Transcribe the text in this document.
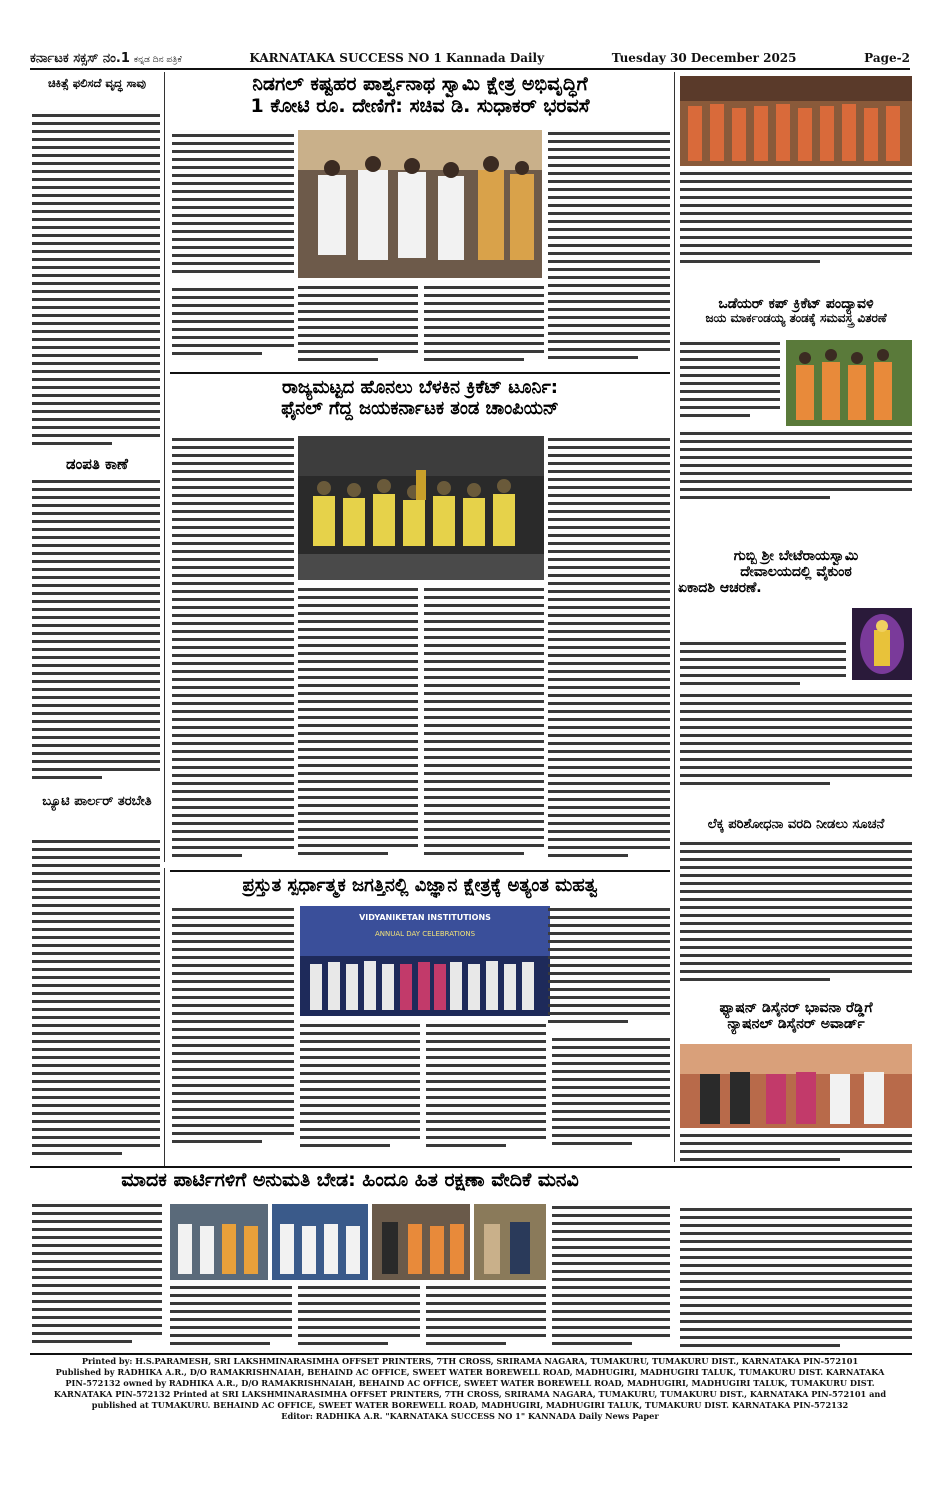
ಕರ್ನಾಟಕ ಸಕ್ಸಸ್ ನಂ.1 ಕನ್ನಡ ದಿನ ಪತ್ರಿಕೆ	KARNATAKA SUCCESS NO 1 Kannada Daily	Tuesday 30 December 2025	Page-2
ಚಿಕಿತ್ಸೆ ಫಲಿಸದೆ ವೃದ್ಧ ಸಾವು
ಡಂಪತಿ ಕಾಣೆ
ಬ್ಯೂಟಿ ಪಾರ್ಲರ್ ತರಬೇತಿ
ನಿಡಗಲ್ ಕಷ್ಟಹರ ಪಾರ್ಶ್ವನಾಥ ಸ್ವಾಮಿ ಕ್ಷೇತ್ರ ಅಭಿವೃದ್ಧಿಗೆ
1 ಕೋಟಿ ರೂ. ದೇಣಿಗೆ: ಸಚಿವ ಡಿ. ಸುಧಾಕರ್ ಭರವಸೆ
ರಾಜ್ಯಮಟ್ಟದ ಹೊನಲು ಬೆಳಕಿನ ಕ್ರಿಕೆಟ್ ಟೂರ್ನಿ:
ಫೈನಲ್ ಗೆದ್ದ ಜಯಕರ್ನಾಟಕ ತಂಡ ಚಾಂಪಿಯನ್
ಪ್ರಸ್ತುತ ಸ್ಪರ್ಧಾತ್ಮಕ ಜಗತ್ತಿನಲ್ಲಿ ವಿಜ್ಞಾನ ಕ್ಷೇತ್ರಕ್ಕೆ ಅತ್ಯಂತ ಮಹತ್ವ
VIDYANIKETAN INSTITUTIONS
ANNUAL DAY CELEBRATIONS
ಒಡೆಯರ್ ಕಪ್ ಕ್ರಿಕೆಟ್ ಪಂದ್ಯಾವಳಿ
ಜಯ ಮಾರ್ಕಂಡಯ್ಯ ತಂಡಕ್ಕೆ ಸಮವಸ್ತ್ರ ವಿತರಣೆ
ಗುಬ್ಬಿ ಶ್ರೀ ಬೇಟೆರಾಯಸ್ವಾಮಿ
ದೇವಾಲಯದಲ್ಲಿ ವೈಕುಂಠ
ಏಕಾದಶಿ ಆಚರಣೆ.
ಲೆಕ್ಕ ಪರಿಶೋಧನಾ ವರದಿ ನೀಡಲು ಸೂಚನೆ
ಫ್ಯಾಷನ್ ಡಿಸೈನರ್ ಭಾವನಾ ರೆಡ್ಡಿಗೆ
ನ್ಯಾಷನಲ್ ಡಿಸೈನರ್ ಅವಾರ್ಡ್
ಮಾದಕ ಪಾರ್ಟಿಗಳಿಗೆ ಅನುಮತಿ ಬೇಡ: ಹಿಂದೂ ಹಿತ ರಕ್ಷಣಾ ವೇದಿಕೆ ಮನವಿ
Printed by: H.S.PARAMESH, SRI LAKSHMINARASIMHA OFFSET PRINTERS, 7TH CROSS, SRIRAMA NAGARA, TUMAKURU, TUMAKURU DIST., KARNATAKA PIN-572101
Published by RADHIKA A.R., D/O RAMAKRISHNAIAH, BEHAIND AC OFFICE, SWEET WATER BOREWELL ROAD, MADHUGIRI, MADHUGIRI TALUK, TUMAKURU DIST. KARNATAKA
PIN-572132 owned by RADHIKA A.R., D/O RAMAKRISHNAIAH, BEHAIND AC OFFICE, SWEET WATER BOREWELL ROAD, MADHUGIRI, MADHUGIRI TALUK, TUMAKURU DIST.
KARNATAKA PIN-572132 Printed at SRI LAKSHMINARASIMHA OFFSET PRINTERS, 7TH CROSS, SRIRAMA NAGARA, TUMAKURU, TUMAKURU DIST., KARNATAKA PIN-572101 and
published at TUMAKURU. BEHAIND AC OFFICE, SWEET WATER BOREWELL ROAD, MADHUGIRI, MADHUGIRI TALUK, TUMAKURU DIST. KARNATAKA PIN-572132
Editor: RADHIKA A.R. "KARNATAKA SUCCESS NO 1" KANNADA Daily News Paper
